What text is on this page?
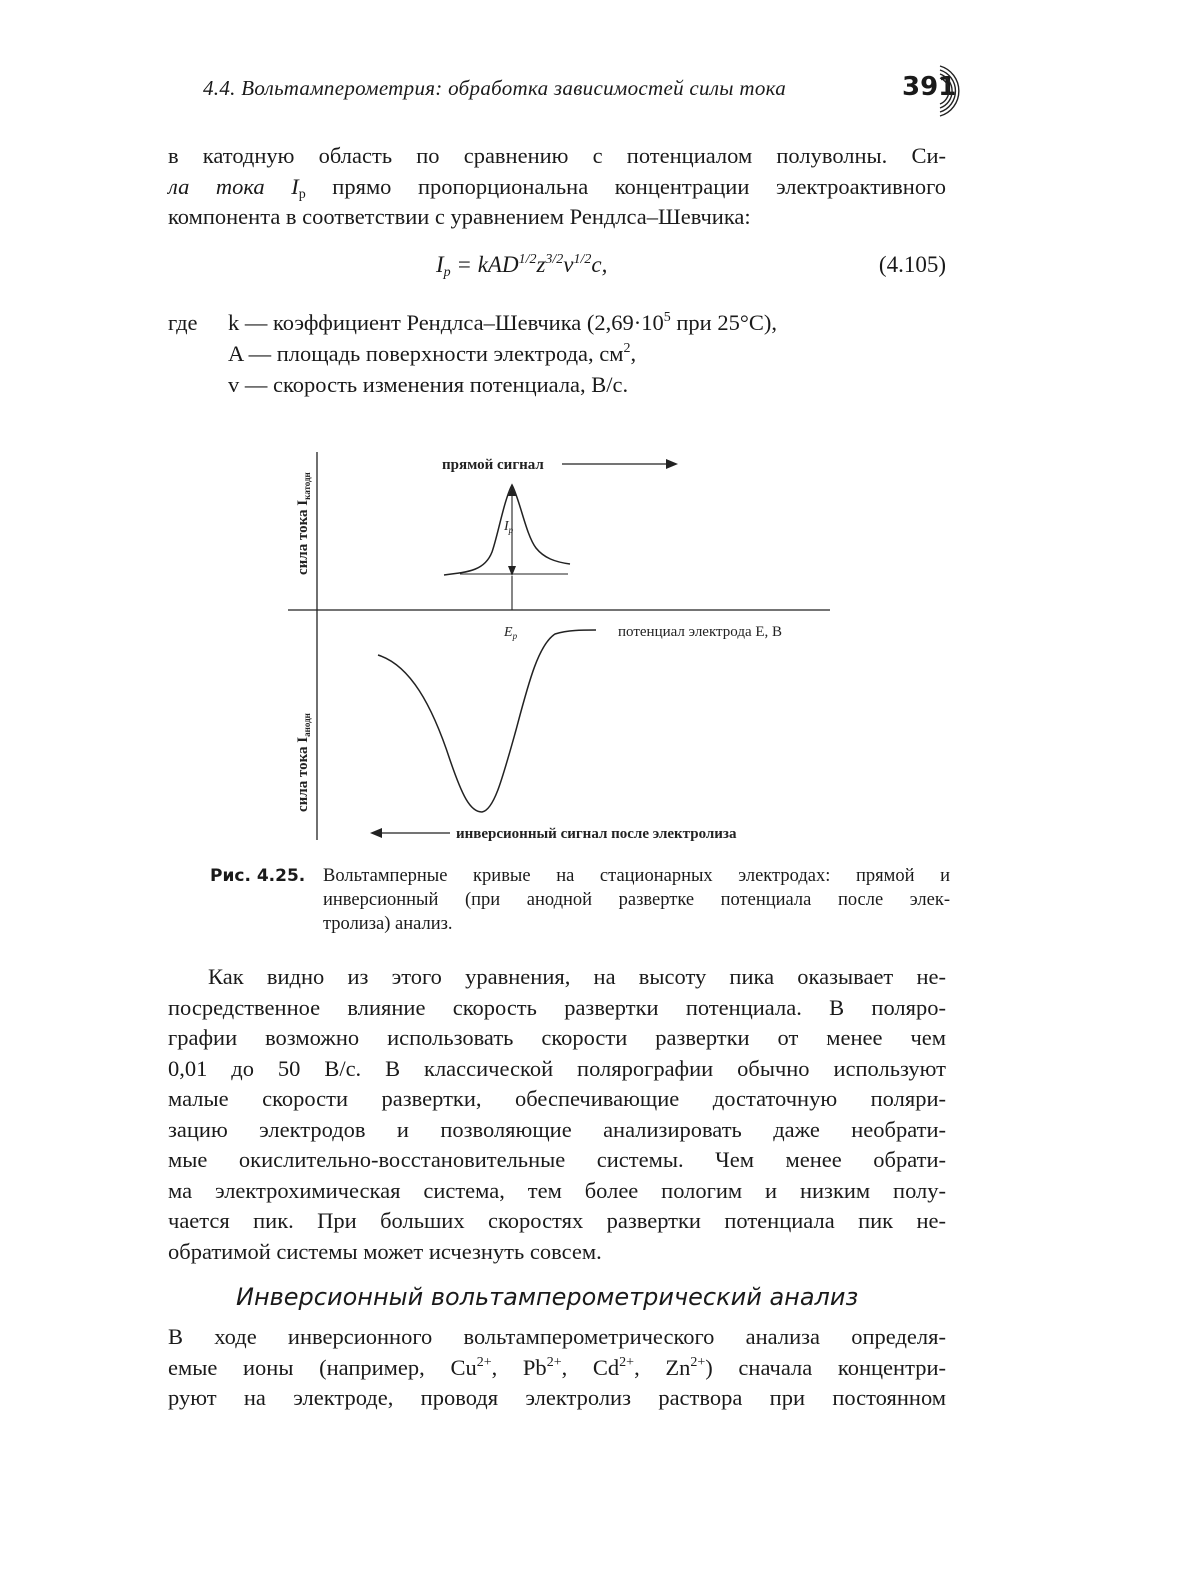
4.4. Вольтамперометрия: обработка зависимостей силы тока	391
в катодную область по сравнению с потенциалом полуволны. Си-
ла тока $I_p$ прямо пропорциональна концентрации электроактивного
компонента в соответствии с уравнением Рендлса–Шевчика:
$I_p = kAD^{1/2}z^{3/2}v^{1/2}c$,	(4.105)
где k — коэффициент Рендлса–Шевчика ($2,69\cdot 10^5$ при 25°C),
A — площадь поверхности электрода, $см^2$,
v — скорость изменения потенциала, В/с.
сила тока $I_{катодн}$
сила тока $I_{анодн}$
прямой сигнал
$I_p$
$E_p$	потенциал электрода E, В
инверсионный сигнал после электролиза
Рис. 4.25. Вольтамперные кривые на стационарных электродах: прямой и
инверсионный (при анодной развертке потенциала после элек-
тролиза) анализ.
Как видно из этого уравнения, на высоту пика оказывает не-
посредственное влияние скорость развертки потенциала. В поляро-
графии возможно использовать скорости развертки от менее чем
0,01 до 50 В/с. В классической полярографии обычно используют
малые скорости развертки, обеспечивающие достаточную поляри-
зацию электродов и позволяющие анализировать даже необрати-
мые окислительно-восстановительные системы. Чем менее обрати-
ма электрохимическая система, тем более пологим и низким полу-
чается пик. При больших скоростях развертки потенциала пик не-
обратимой системы может исчезнуть совсем.
Инверсионный вольтамперометрический анализ
В ходе инверсионного вольтамперометрического анализа определя-
емые ионы (например, $Cu^{2+}$, $Pb^{2+}$, $Cd^{2+}$, $Zn^{2+}$) сначала концентри-
руют на электроде, проводя электролиз раствора при постоянном
